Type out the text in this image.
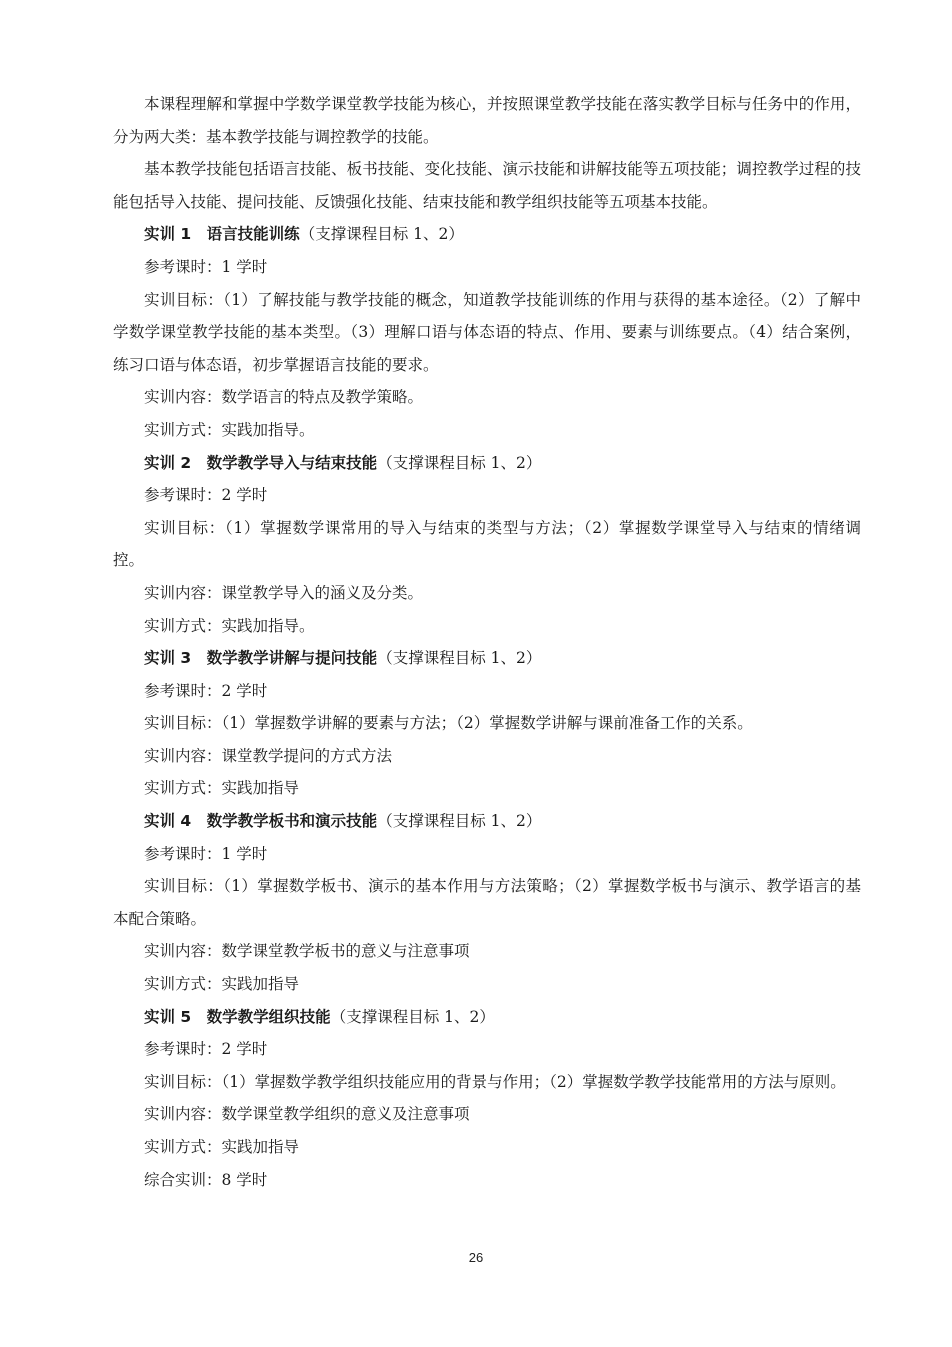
本课程理解和掌握中学数学课堂教学技能为核心，并按照课堂教学技能在落实教学目标与任务中的作用，分为两大类：基本教学技能与调控教学的技能。

基本教学技能包括语言技能、板书技能、变化技能、演示技能和讲解技能等五项技能；调控教学过程的技能包括导入技能、提问技能、反馈强化技能、结束技能和教学组织技能等五项基本技能。

实训 1　语言技能训练（支撑课程目标 1、2）

参考课时：1 学时

实训目标：（1）了解技能与教学技能的概念，知道教学技能训练的作用与获得的基本途径。（2）了解中学数学课堂教学技能的基本类型。（3）理解口语与体态语的特点、作用、要素与训练要点。（4）结合案例，练习口语与体态语，初步掌握语言技能的要求。

实训内容：数学语言的特点及教学策略。

实训方式：实践加指导。

实训 2　数学教学导入与结束技能（支撑课程目标 1、2）

参考课时：2 学时

实训目标：（1）掌握数学课常用的导入与结束的类型与方法；（2）掌握数学课堂导入与结束的情绪调控。

实训内容：课堂教学导入的涵义及分类。

实训方式：实践加指导。

实训 3　数学教学讲解与提问技能（支撑课程目标 1、2）

参考课时：2 学时

实训目标：（1）掌握数学讲解的要素与方法；（2）掌握数学讲解与课前准备工作的关系。

实训内容：课堂教学提问的方式方法

实训方式：实践加指导

实训 4　数学教学板书和演示技能（支撑课程目标 1、2）

参考课时：1 学时

实训目标：（1）掌握数学板书、演示的基本作用与方法策略；（2）掌握数学板书与演示、教学语言的基本配合策略。

实训内容：数学课堂教学板书的意义与注意事项

实训方式：实践加指导

实训 5　数学教学组织技能（支撑课程目标 1、2）

参考课时：2 学时

实训目标：（1）掌握数学教学组织技能应用的背景与作用；（2）掌握数学教学技能常用的方法与原则。

实训内容：数学课堂教学组织的意义及注意事项

实训方式：实践加指导

综合实训：8 学时

26
